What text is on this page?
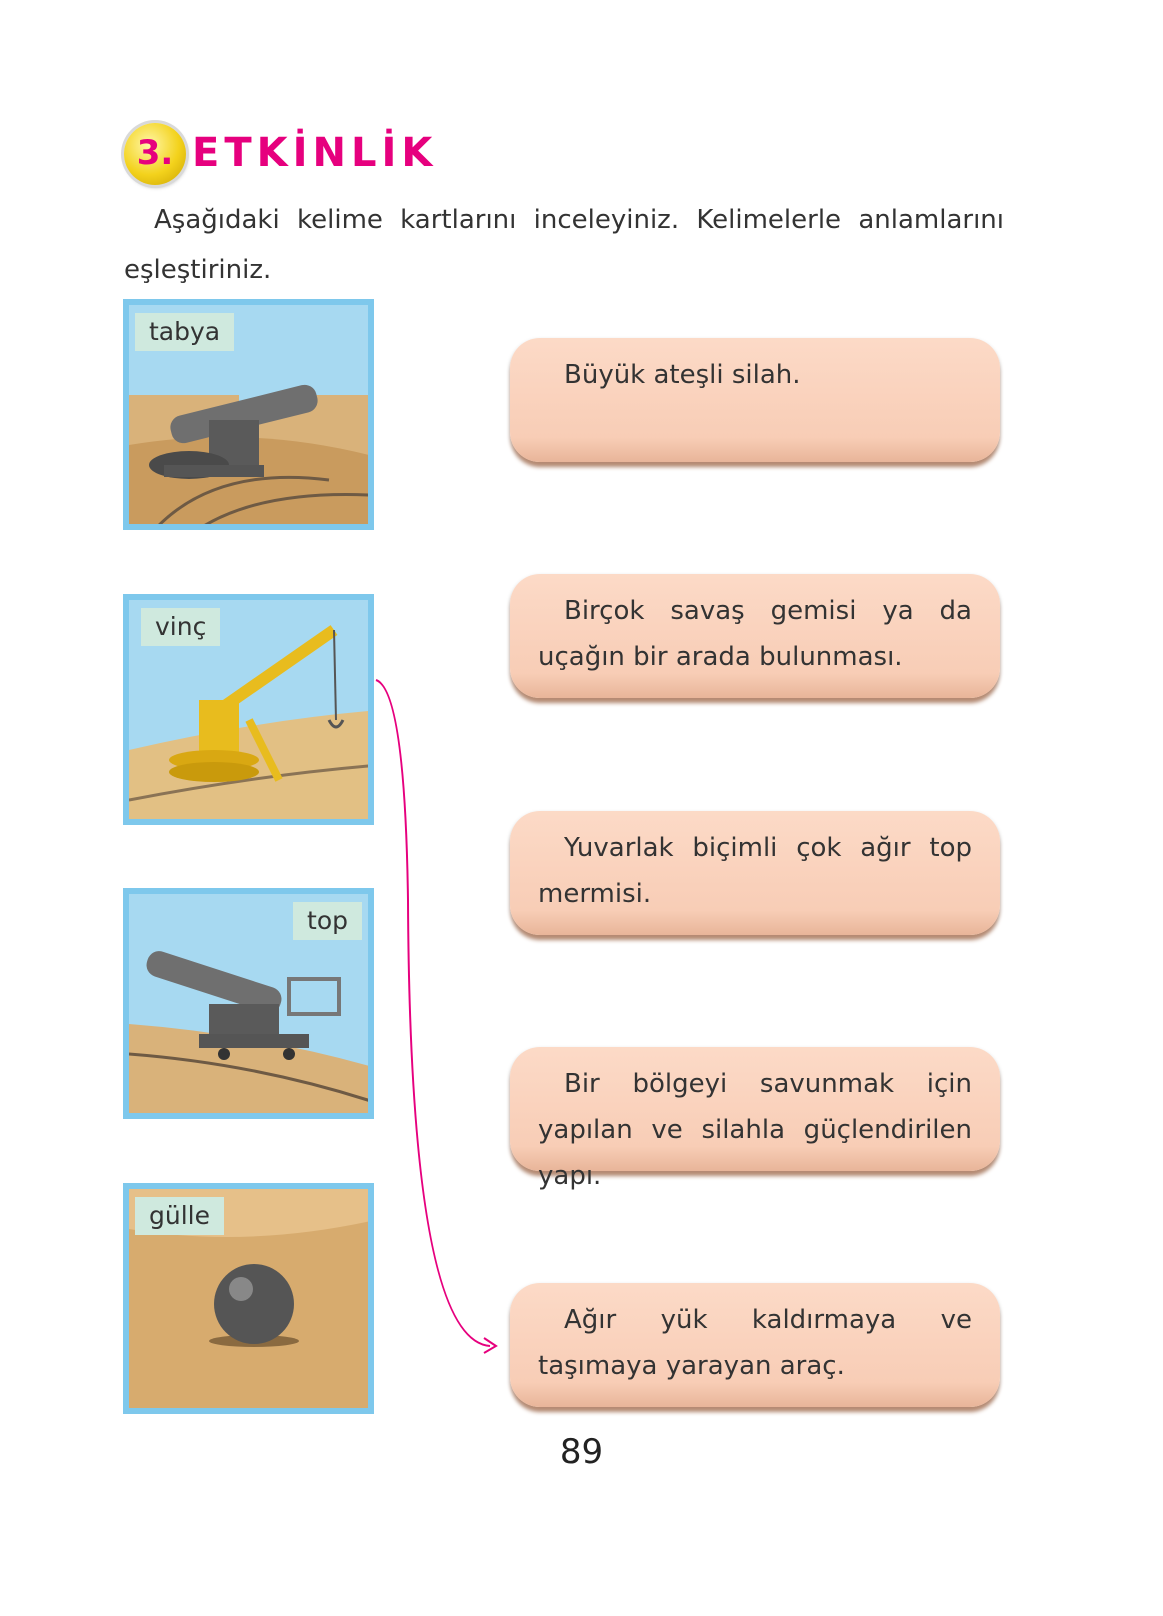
3. ETKİNLİK
Aşağıdaki kelime kartlarını inceleyiniz. Kelimelerle anlamlarını eşleştiriniz.
tabya
vinç
top
gülle
Büyük ateşli silah.
Birçok savaş gemisi ya da uçağın bir arada bulunması.
Yuvarlak biçimli çok ağır top mermisi.
Bir bölgeyi savunmak için yapılan ve silahla güçlendirilen yapı.
Ağır yük kaldırmaya ve taşımaya yarayan araç.
89
